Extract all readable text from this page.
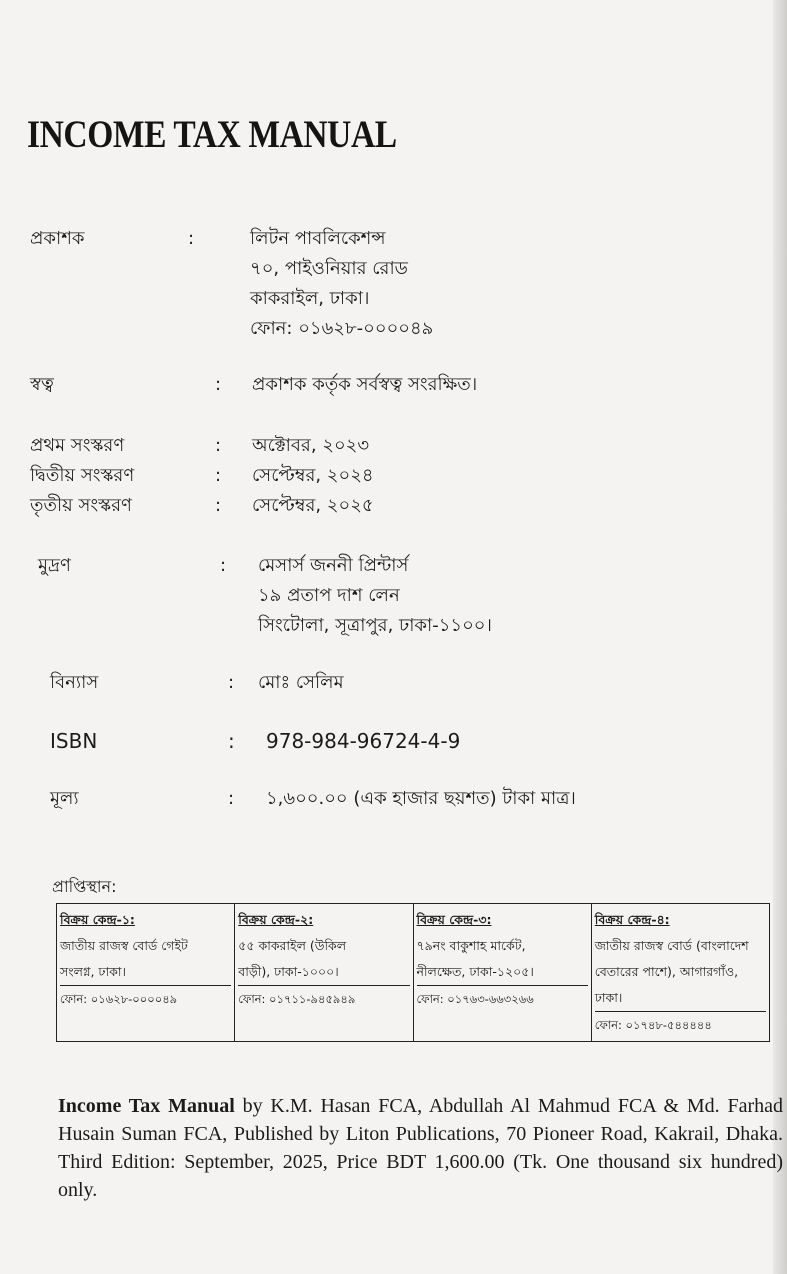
INCOME TAX MANUAL
প্রকাশক	:	লিটন পাবলিকেশন্স
৭০, পাইওনিয়ার রোড
কাকরাইল, ঢাকা।
ফোন: ০১৬২৮-০০০০৪৯
স্বত্ব	: প্রকাশক কর্তৃক সর্বস্বত্ব সংরক্ষিত।
প্রথম সংস্করণ	: অক্টোবর, ২০২৩
দ্বিতীয় সংস্করণ	: সেপ্টেম্বর, ২০২৪
তৃতীয় সংস্করণ	: সেপ্টেম্বর, ২০২৫
মুদ্রণ	: মেসার্স জননী প্রিন্টার্স
১৯ প্রতাপ দাশ লেন
সিংটোলা, সূত্রাপুর, ঢাকা-১১০০।
বিন্যাস	: মোঃ সেলিম
ISBN	: 978-984-96724-4-9
মূল্য	: ১,৬০০.০০ (এক হাজার ছয়শত) টাকা মাত্র।
প্রাপ্তিস্থান:
বিক্রয় কেন্দ্র-১:
জাতীয় রাজস্ব বোর্ড গেইট
সংলগ্ন, ঢাকা।
ফোন: ০১৬২৮-০০০০৪৯

বিক্রয় কেন্দ্র-২:
৫৫ কাকরাইল (উকিল
বাড়ী), ঢাকা-১০০০।
ফোন: ০১৭১১-৯৪৫৯৪৯

বিক্রয় কেন্দ্র-৩:
৭৯নং বাকুশাহ মার্কেট,
নীলক্ষেত, ঢাকা-১২০৫।
ফোন: ০১৭৬৩-৬৬৩২৬৬

বিক্রয় কেন্দ্র-৪:
জাতীয় রাজস্ব বোর্ড (বাংলাদেশ
বেতারের পাশে), আগারগাঁও, ঢাকা।
ফোন: ০১৭৪৮-৫৪৪৪৪৪
Income Tax Manual by K.M. Hasan FCA, Abdullah Al Mahmud FCA & Md. Farhad Husain Suman FCA, Published by Liton Publications, 70 Pioneer Road, Kakrail, Dhaka. Third Edition: September, 2025, Price BDT 1,600.00 (Tk. One thousand six hundred) only.
